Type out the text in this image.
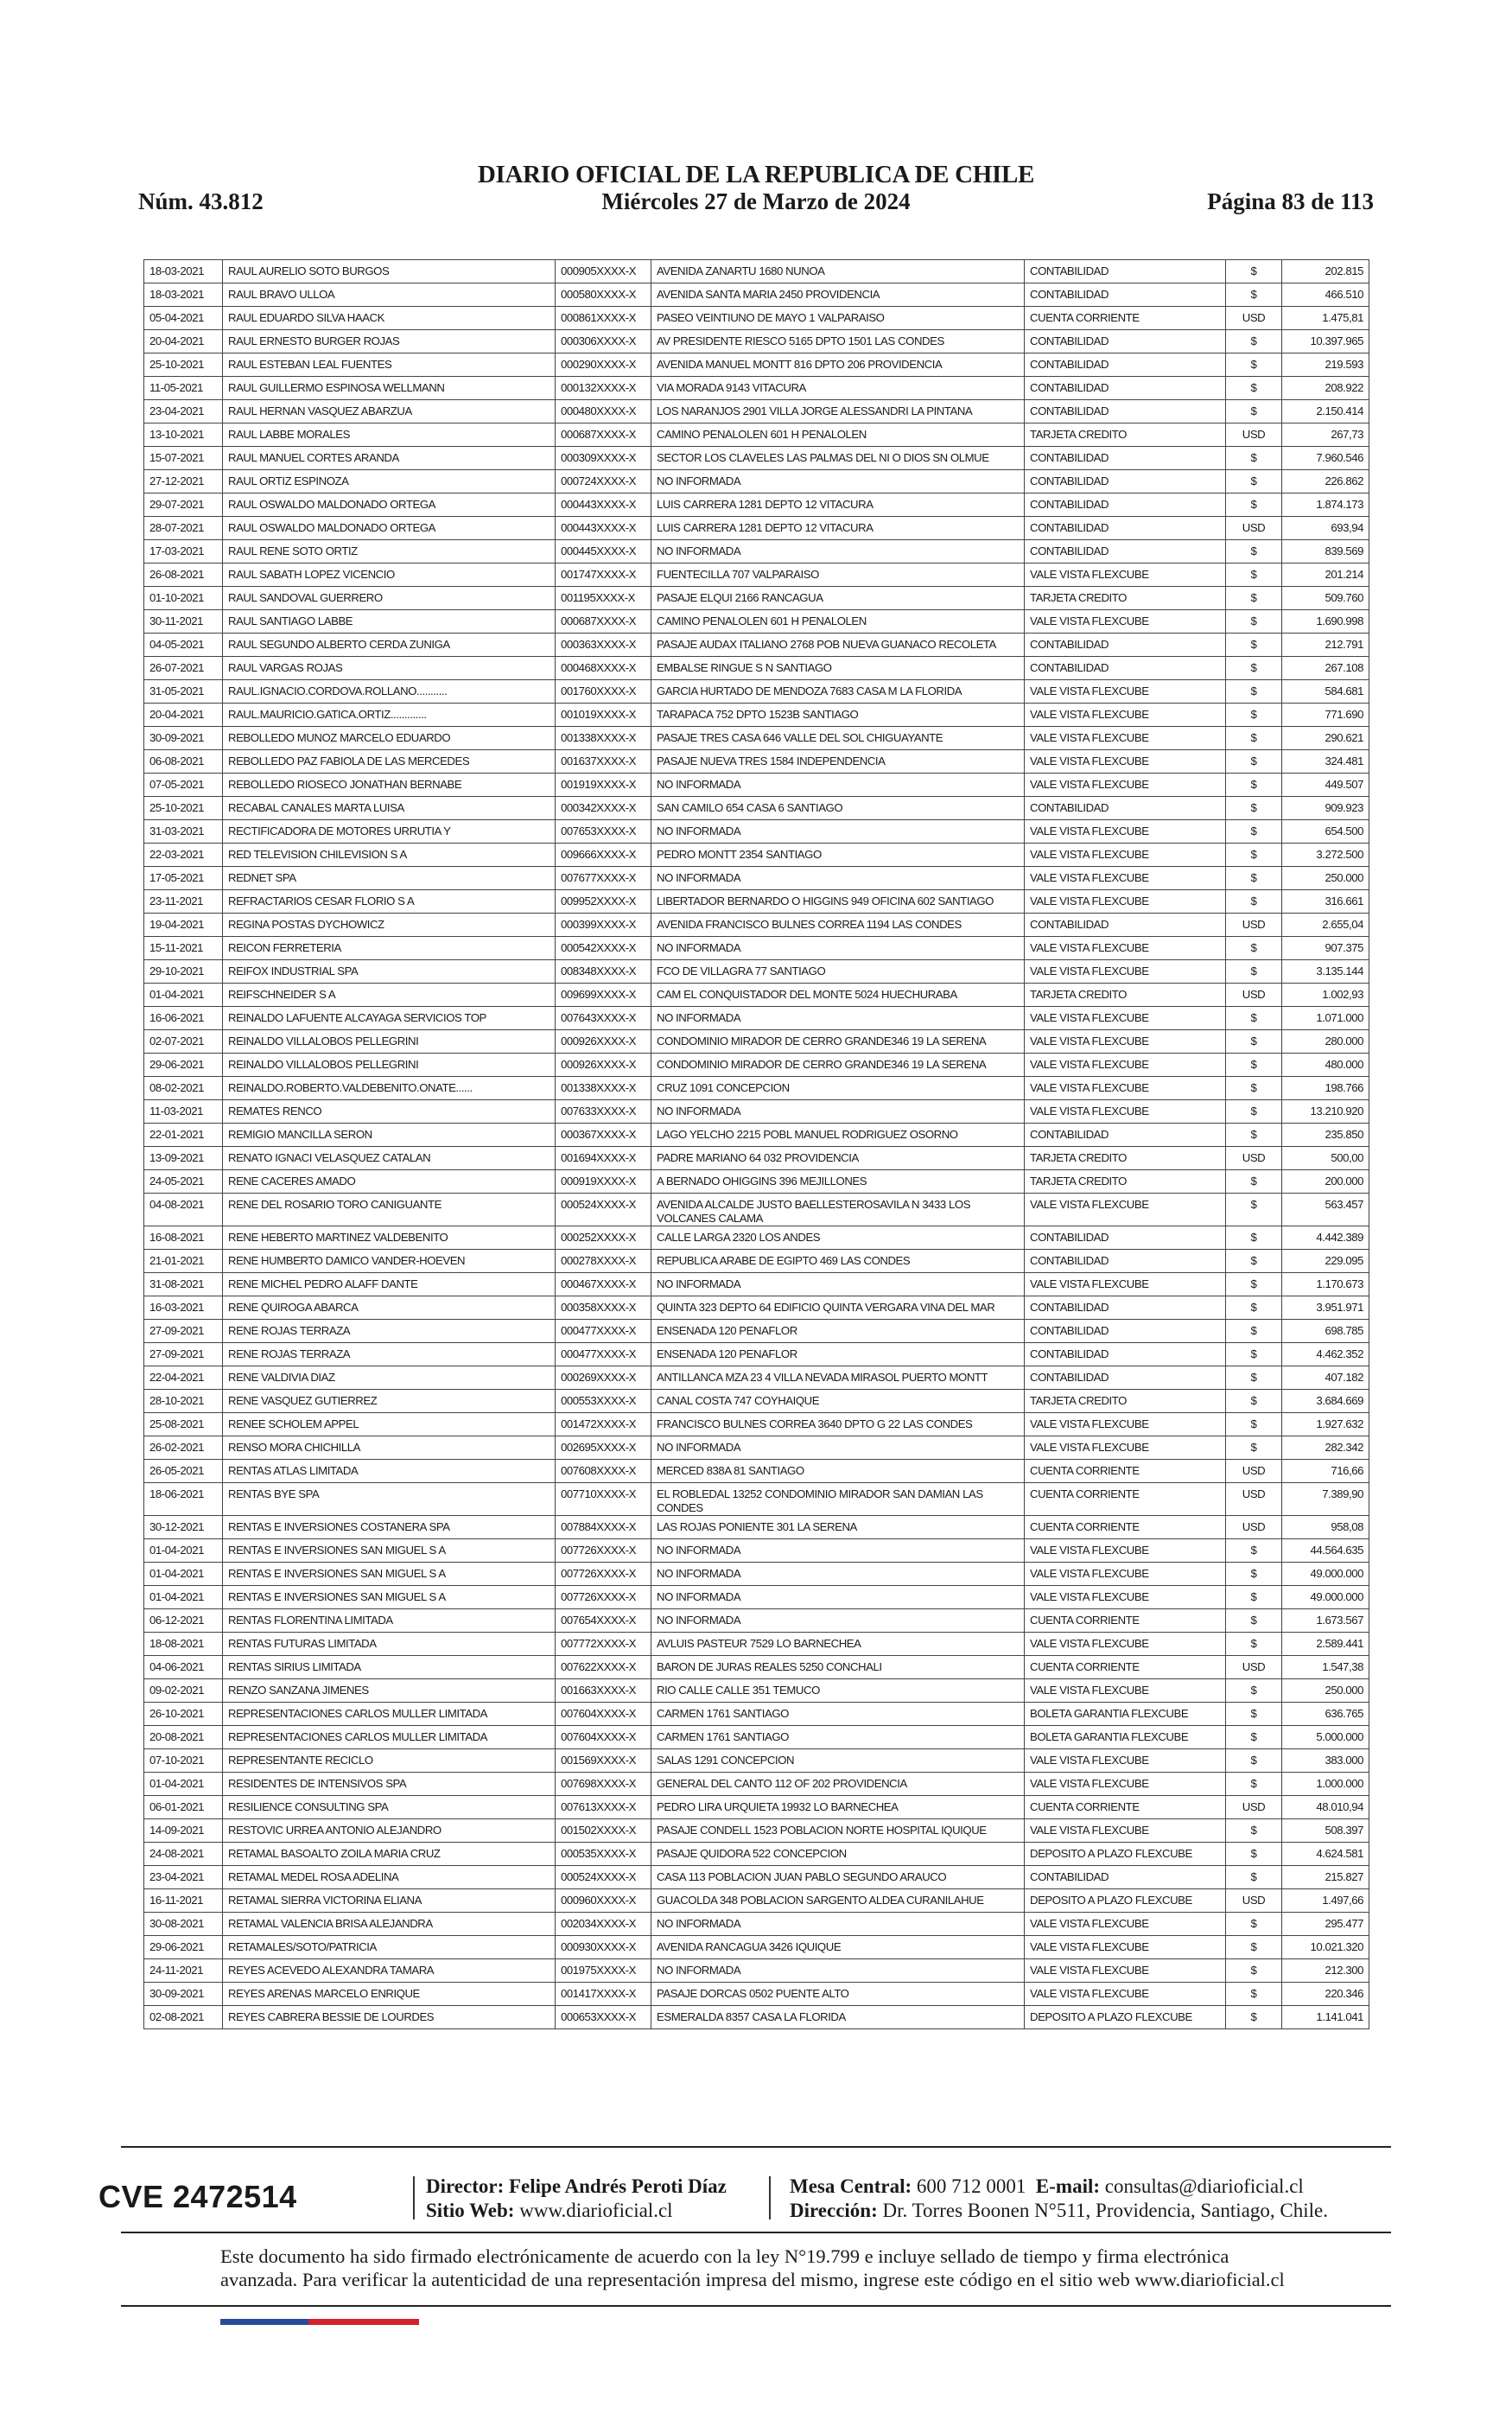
DIARIO OFICIAL DE LA REPUBLICA DE CHILE
Núm. 43.812	Miércoles 27 de Marzo de 2024	Página 83 de 113
18-03-2021	RAUL AURELIO SOTO BURGOS	000905XXXX-X	AVENIDA ZANARTU 1680 NUNOA	CONTABILIDAD	$	202.815
18-03-2021	RAUL BRAVO ULLOA	000580XXXX-X	AVENIDA SANTA MARIA 2450 PROVIDENCIA	CONTABILIDAD	$	466.510
05-04-2021	RAUL EDUARDO SILVA HAACK	000861XXXX-X	PASEO VEINTIUNO DE MAYO 1 VALPARAISO	CUENTA CORRIENTE	USD	1.475,81
20-04-2021	RAUL ERNESTO BURGER ROJAS	000306XXXX-X	AV PRESIDENTE RIESCO 5165 DPTO 1501 LAS CONDES	CONTABILIDAD	$	10.397.965
25-10-2021	RAUL ESTEBAN LEAL FUENTES	000290XXXX-X	AVENIDA MANUEL MONTT 816 DPTO 206 PROVIDENCIA	CONTABILIDAD	$	219.593
11-05-2021	RAUL GUILLERMO ESPINOSA WELLMANN	000132XXXX-X	VIA MORADA 9143 VITACURA	CONTABILIDAD	$	208.922
23-04-2021	RAUL HERNAN VASQUEZ ABARZUA	000480XXXX-X	LOS NARANJOS 2901 VILLA JORGE ALESSANDRI LA PINTANA	CONTABILIDAD	$	2.150.414
13-10-2021	RAUL LABBE MORALES	000687XXXX-X	CAMINO PENALOLEN 601 H PENALOLEN	TARJETA CREDITO	USD	267,73
15-07-2021	RAUL MANUEL CORTES ARANDA	000309XXXX-X	SECTOR LOS CLAVELES LAS PALMAS DEL NI O DIOS SN OLMUE	CONTABILIDAD	$	7.960.546
27-12-2021	RAUL ORTIZ ESPINOZA	000724XXXX-X	NO INFORMADA	CONTABILIDAD	$	226.862
29-07-2021	RAUL OSWALDO MALDONADO ORTEGA	000443XXXX-X	LUIS CARRERA 1281 DEPTO 12 VITACURA	CONTABILIDAD	$	1.874.173
28-07-2021	RAUL OSWALDO MALDONADO ORTEGA	000443XXXX-X	LUIS CARRERA 1281 DEPTO 12 VITACURA	CONTABILIDAD	USD	693,94
17-03-2021	RAUL RENE SOTO ORTIZ	000445XXXX-X	NO INFORMADA	CONTABILIDAD	$	839.569
26-08-2021	RAUL SABATH LOPEZ VICENCIO	001747XXXX-X	FUENTECILLA 707 VALPARAISO	VALE VISTA FLEXCUBE	$	201.214
01-10-2021	RAUL SANDOVAL GUERRERO	001195XXXX-X	PASAJE ELQUI 2166 RANCAGUA	TARJETA CREDITO	$	509.760
30-11-2021	RAUL SANTIAGO LABBE	000687XXXX-X	CAMINO PENALOLEN 601 H PENALOLEN	VALE VISTA FLEXCUBE	$	1.690.998
04-05-2021	RAUL SEGUNDO ALBERTO CERDA ZUNIGA	000363XXXX-X	PASAJE AUDAX ITALIANO 2768 POB NUEVA GUANACO RECOLETA	CONTABILIDAD	$	212.791
26-07-2021	RAUL VARGAS ROJAS	000468XXXX-X	EMBALSE RINGUE S N SANTIAGO	CONTABILIDAD	$	267.108
31-05-2021	RAUL.IGNACIO.CORDOVA.ROLLANO...........	001760XXXX-X	GARCIA HURTADO DE MENDOZA 7683 CASA M LA FLORIDA	VALE VISTA FLEXCUBE	$	584.681
20-04-2021	RAUL.MAURICIO.GATICA.ORTIZ.............	001019XXXX-X	TARAPACA 752 DPTO 1523B SANTIAGO	VALE VISTA FLEXCUBE	$	771.690
30-09-2021	REBOLLEDO MUNOZ MARCELO EDUARDO	001338XXXX-X	PASAJE TRES CASA 646 VALLE DEL SOL CHIGUAYANTE	VALE VISTA FLEXCUBE	$	290.621
06-08-2021	REBOLLEDO PAZ FABIOLA DE LAS MERCEDES	001637XXXX-X	PASAJE NUEVA TRES 1584 INDEPENDENCIA	VALE VISTA FLEXCUBE	$	324.481
07-05-2021	REBOLLEDO RIOSECO JONATHAN BERNABE	001919XXXX-X	NO INFORMADA	VALE VISTA FLEXCUBE	$	449.507
25-10-2021	RECABAL CANALES MARTA LUISA	000342XXXX-X	SAN CAMILO 654 CASA 6 SANTIAGO	CONTABILIDAD	$	909.923
31-03-2021	RECTIFICADORA DE MOTORES URRUTIA Y	007653XXXX-X	NO INFORMADA	VALE VISTA FLEXCUBE	$	654.500
22-03-2021	RED TELEVISION CHILEVISION S A	009666XXXX-X	PEDRO MONTT 2354 SANTIAGO	VALE VISTA FLEXCUBE	$	3.272.500
17-05-2021	REDNET SPA	007677XXXX-X	NO INFORMADA	VALE VISTA FLEXCUBE	$	250.000
23-11-2021	REFRACTARIOS CESAR FLORIO S A	009952XXXX-X	LIBERTADOR BERNARDO O HIGGINS 949 OFICINA 602 SANTIAGO	VALE VISTA FLEXCUBE	$	316.661
19-04-2021	REGINA POSTAS DYCHOWICZ	000399XXXX-X	AVENIDA FRANCISCO BULNES CORREA 1194 LAS CONDES	CONTABILIDAD	USD	2.655,04
15-11-2021	REICON FERRETERIA	000542XXXX-X	NO INFORMADA	VALE VISTA FLEXCUBE	$	907.375
29-10-2021	REIFOX INDUSTRIAL SPA	008348XXXX-X	FCO DE VILLAGRA 77 SANTIAGO	VALE VISTA FLEXCUBE	$	3.135.144
01-04-2021	REIFSCHNEIDER S A	009699XXXX-X	CAM EL CONQUISTADOR DEL MONTE 5024 HUECHURABA	TARJETA CREDITO	USD	1.002,93
16-06-2021	REINALDO LAFUENTE ALCAYAGA SERVICIOS TOP	007643XXXX-X	NO INFORMADA	VALE VISTA FLEXCUBE	$	1.071.000
02-07-2021	REINALDO VILLALOBOS PELLEGRINI	000926XXXX-X	CONDOMINIO MIRADOR DE CERRO GRANDE346 19 LA SERENA	VALE VISTA FLEXCUBE	$	280.000
29-06-2021	REINALDO VILLALOBOS PELLEGRINI	000926XXXX-X	CONDOMINIO MIRADOR DE CERRO GRANDE346 19 LA SERENA	VALE VISTA FLEXCUBE	$	480.000
08-02-2021	REINALDO.ROBERTO.VALDEBENITO.ONATE......	001338XXXX-X	CRUZ 1091 CONCEPCION	VALE VISTA FLEXCUBE	$	198.766
11-03-2021	REMATES RENCO	007633XXXX-X	NO INFORMADA	VALE VISTA FLEXCUBE	$	13.210.920
22-01-2021	REMIGIO MANCILLA SERON	000367XXXX-X	LAGO YELCHO 2215 POBL MANUEL RODRIGUEZ OSORNO	CONTABILIDAD	$	235.850
13-09-2021	RENATO IGNACI VELASQUEZ CATALAN	001694XXXX-X	PADRE MARIANO 64 032 PROVIDENCIA	TARJETA CREDITO	USD	500,00
24-05-2021	RENE CACERES AMADO	000919XXXX-X	A BERNADO OHIGGINS 396 MEJILLONES	TARJETA CREDITO	$	200.000
04-08-2021	RENE DEL ROSARIO TORO CANIGUANTE	000524XXXX-X	AVENIDA ALCALDE JUSTO BAELLESTEROSAVILA N 3433 LOS VOLCANES CALAMA	VALE VISTA FLEXCUBE	$	563.457
16-08-2021	RENE HEBERTO MARTINEZ VALDEBENITO	000252XXXX-X	CALLE LARGA 2320 LOS ANDES	CONTABILIDAD	$	4.442.389
21-01-2021	RENE HUMBERTO DAMICO VANDER-HOEVEN	000278XXXX-X	REPUBLICA ARABE DE EGIPTO 469 LAS CONDES	CONTABILIDAD	$	229.095
31-08-2021	RENE MICHEL PEDRO ALAFF DANTE	000467XXXX-X	NO INFORMADA	VALE VISTA FLEXCUBE	$	1.170.673
16-03-2021	RENE QUIROGA ABARCA	000358XXXX-X	QUINTA 323 DEPTO 64 EDIFICIO QUINTA VERGARA VINA DEL MAR	CONTABILIDAD	$	3.951.971
27-09-2021	RENE ROJAS TERRAZA	000477XXXX-X	ENSENADA 120 PENAFLOR	CONTABILIDAD	$	698.785
27-09-2021	RENE ROJAS TERRAZA	000477XXXX-X	ENSENADA 120 PENAFLOR	CONTABILIDAD	$	4.462.352
22-04-2021	RENE VALDIVIA DIAZ	000269XXXX-X	ANTILLANCA MZA 23 4 VILLA NEVADA MIRASOL PUERTO MONTT	CONTABILIDAD	$	407.182
28-10-2021	RENE VASQUEZ GUTIERREZ	000553XXXX-X	CANAL COSTA 747 COYHAIQUE	TARJETA CREDITO	$	3.684.669
25-08-2021	RENEE SCHOLEM APPEL	001472XXXX-X	FRANCISCO BULNES CORREA 3640 DPTO G 22 LAS CONDES	VALE VISTA FLEXCUBE	$	1.927.632
26-02-2021	RENSO MORA CHICHILLA	002695XXXX-X	NO INFORMADA	VALE VISTA FLEXCUBE	$	282.342
26-05-2021	RENTAS ATLAS LIMITADA	007608XXXX-X	MERCED 838A 81 SANTIAGO	CUENTA CORRIENTE	USD	716,66
18-06-2021	RENTAS BYE SPA	007710XXXX-X	EL ROBLEDAL 13252 CONDOMINIO MIRADOR SAN DAMIAN LAS CONDES	CUENTA CORRIENTE	USD	7.389,90
30-12-2021	RENTAS E INVERSIONES COSTANERA SPA	007884XXXX-X	LAS ROJAS PONIENTE 301 LA SERENA	CUENTA CORRIENTE	USD	958,08
01-04-2021	RENTAS E INVERSIONES SAN MIGUEL S A	007726XXXX-X	NO INFORMADA	VALE VISTA FLEXCUBE	$	44.564.635
01-04-2021	RENTAS E INVERSIONES SAN MIGUEL S A	007726XXXX-X	NO INFORMADA	VALE VISTA FLEXCUBE	$	49.000.000
01-04-2021	RENTAS E INVERSIONES SAN MIGUEL S A	007726XXXX-X	NO INFORMADA	VALE VISTA FLEXCUBE	$	49.000.000
06-12-2021	RENTAS FLORENTINA LIMITADA	007654XXXX-X	NO INFORMADA	CUENTA CORRIENTE	$	1.673.567
18-08-2021	RENTAS FUTURAS LIMITADA	007772XXXX-X	AVLUIS PASTEUR 7529 LO BARNECHEA	VALE VISTA FLEXCUBE	$	2.589.441
04-06-2021	RENTAS SIRIUS LIMITADA	007622XXXX-X	BARON DE JURAS REALES 5250 CONCHALI	CUENTA CORRIENTE	USD	1.547,38
09-02-2021	RENZO SANZANA JIMENES	001663XXXX-X	RIO CALLE CALLE 351 TEMUCO	VALE VISTA FLEXCUBE	$	250.000
26-10-2021	REPRESENTACIONES CARLOS MULLER LIMITADA	007604XXXX-X	CARMEN 1761 SANTIAGO	BOLETA GARANTIA FLEXCUBE	$	636.765
20-08-2021	REPRESENTACIONES CARLOS MULLER LIMITADA	007604XXXX-X	CARMEN 1761 SANTIAGO	BOLETA GARANTIA FLEXCUBE	$	5.000.000
07-10-2021	REPRESENTANTE RECICLO	001569XXXX-X	SALAS 1291 CONCEPCION	VALE VISTA FLEXCUBE	$	383.000
01-04-2021	RESIDENTES DE INTENSIVOS SPA	007698XXXX-X	GENERAL DEL CANTO 112 OF 202 PROVIDENCIA	VALE VISTA FLEXCUBE	$	1.000.000
06-01-2021	RESILIENCE CONSULTING SPA	007613XXXX-X	PEDRO LIRA URQUIETA 19932 LO BARNECHEA	CUENTA CORRIENTE	USD	48.010,94
14-09-2021	RESTOVIC URREA ANTONIO ALEJANDRO	001502XXXX-X	PASAJE CONDELL 1523 POBLACION NORTE HOSPITAL IQUIQUE	VALE VISTA FLEXCUBE	$	508.397
24-08-2021	RETAMAL BASOALTO ZOILA MARIA CRUZ	000535XXXX-X	PASAJE QUIDORA 522 CONCEPCION	DEPOSITO A PLAZO FLEXCUBE	$	4.624.581
23-04-2021	RETAMAL MEDEL ROSA ADELINA	000524XXXX-X	CASA 113 POBLACION JUAN PABLO SEGUNDO ARAUCO	CONTABILIDAD	$	215.827
16-11-2021	RETAMAL SIERRA VICTORINA ELIANA	000960XXXX-X	GUACOLDA 348 POBLACION SARGENTO ALDEA CURANILAHUE	DEPOSITO A PLAZO FLEXCUBE	USD	1.497,66
30-08-2021	RETAMAL VALENCIA BRISA ALEJANDRA	002034XXXX-X	NO INFORMADA	VALE VISTA FLEXCUBE	$	295.477
29-06-2021	RETAMALES/SOTO/PATRICIA	000930XXXX-X	AVENIDA RANCAGUA 3426 IQUIQUE	VALE VISTA FLEXCUBE	$	10.021.320
24-11-2021	REYES ACEVEDO ALEXANDRA TAMARA	001975XXXX-X	NO INFORMADA	VALE VISTA FLEXCUBE	$	212.300
30-09-2021	REYES ARENAS MARCELO ENRIQUE	001417XXXX-X	PASAJE DORCAS 0502 PUENTE ALTO	VALE VISTA FLEXCUBE	$	220.346
02-08-2021	REYES CABRERA BESSIE DE LOURDES	000653XXXX-X	ESMERALDA 8357 CASA LA FLORIDA	DEPOSITO A PLAZO FLEXCUBE	$	1.141.041
CVE 2472514	Director: Felipe Andrés Peroti Díaz
Sitio Web: www.diarioficial.cl
Mesa Central: 600 712 0001 E-mail: consultas@diarioficial.cl
Dirección: Dr. Torres Boonen N°511, Providencia, Santiago, Chile.
Este documento ha sido firmado electrónicamente de acuerdo con la ley N°19.799 e incluye sellado de tiempo y firma electrónica avanzada. Para verificar la autenticidad de una representación impresa del mismo, ingrese este código en el sitio web www.diarioficial.cl
